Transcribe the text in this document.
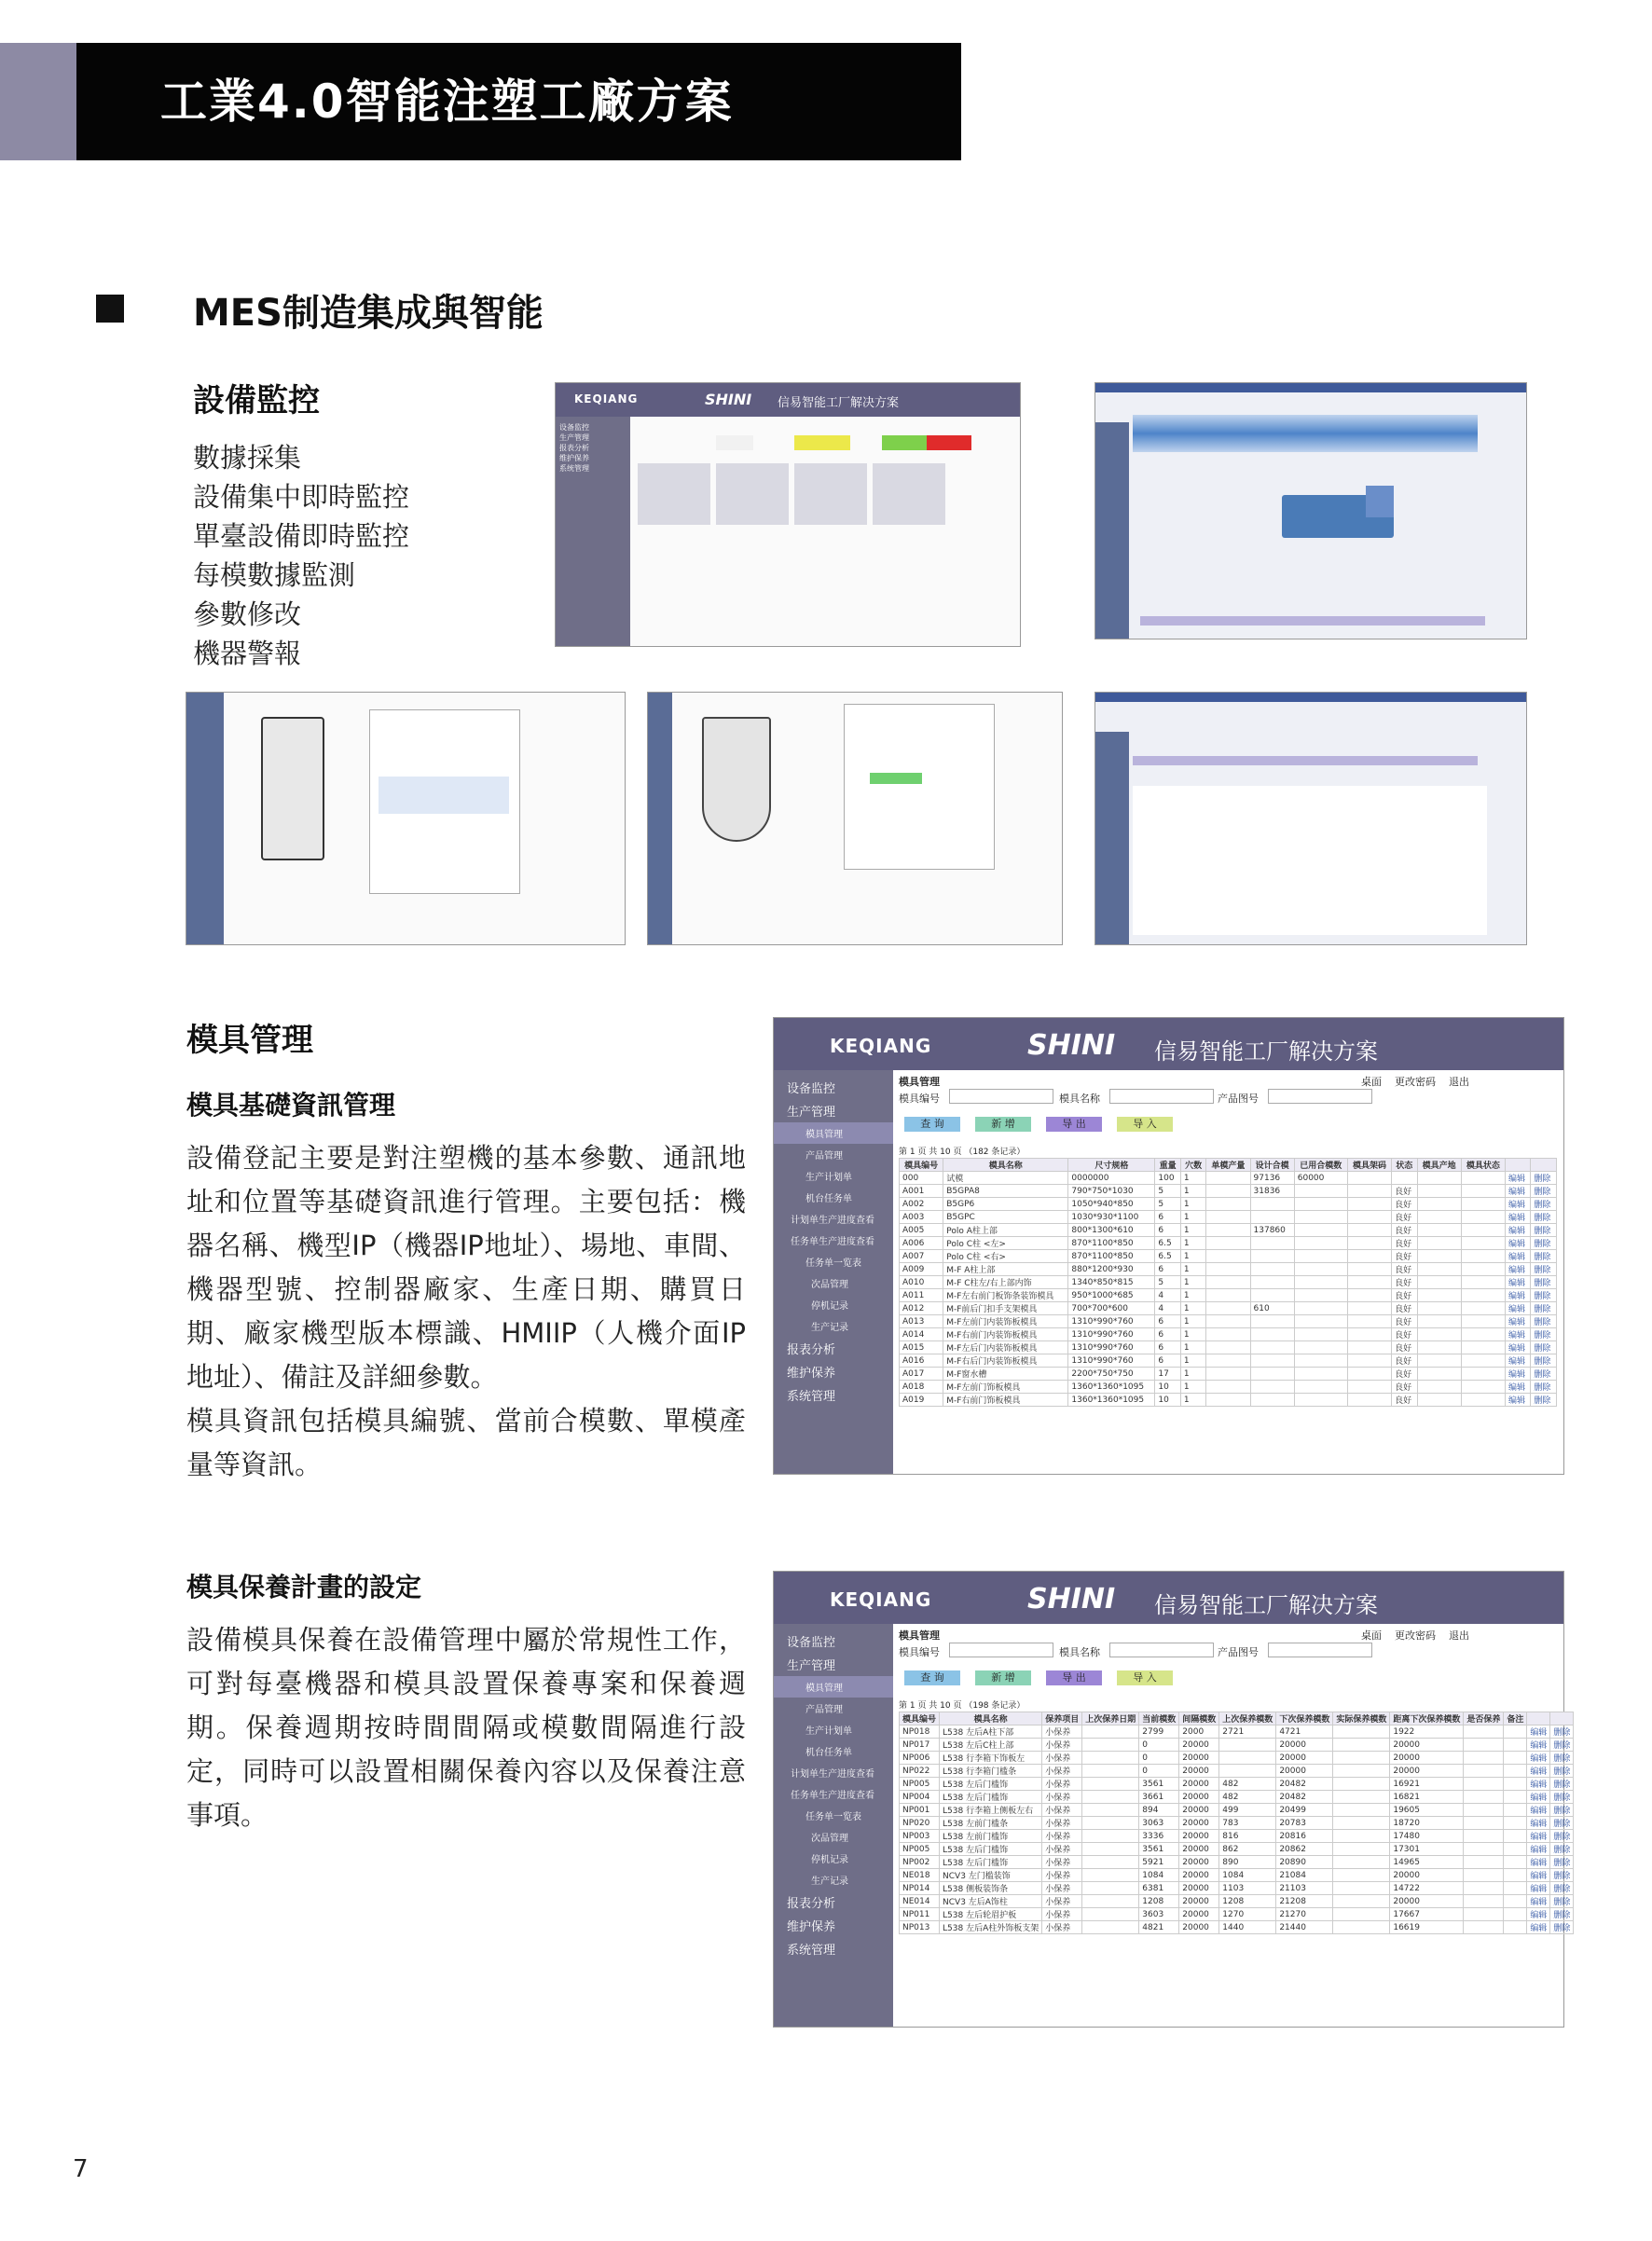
工業4.0智能注塑工廠方案
MES制造集成與智能
設備監控
數據採集
設備集中即時監控
單臺設備即時監控
每模數據監測
參數修改
機器警報
KEQIANG	SHINI 信易智能工厂解决方案
设备监控
生产管理
报表分析
维护保养
系统管理
模具管理
模具基礎資訊管理
設備登記主要是對注塑機的基本參數、通訊地址和位置等基礎資訊進行管理。主要包括：機器名稱、機型IP（機器IP地址）、場地、車間、機器型號、控制器廠家、生產日期、購買日期、廠家機型版本標識、HMIIP（人機介面IP地址）、備註及詳細參數。
模具資訊包括模具編號、當前合模數、單模產量等資訊。
KEQIANG	SHINI 信易智能工厂解决方案
设备监控
生产管理
模具管理
产品管理
生产计划单
机台任务单
计划单生产进度查看
任务单生产进度查看
任务单一览表
次品管理
停机记录
生产记录
报表分析
维护保养
系统管理
模具管理	桌面 更改密码 退出
模具编号	模具名称	产品图号
查 询	新 增	导 出	导 入
第 1 页 共 10 页 （182 条记录）
模具编号	模具名称	尺寸规格	重量	穴数	单模产量	设计合模	已用合模数	模具架码	状态	模具产地	模具状态		
000	试模	0000000	100	1		97136	60000					编辑	删除
A001	B5GPA8	790*750*1030	5	1		31836			良好			编辑	删除
A002	B5GP6	1050*940*850	5	1					良好			编辑	删除
A003	B5GPC	1030*930*1100	6	1					良好			编辑	删除
A005	Polo A柱上部	800*1300*610	6	1		137860			良好			编辑	删除
A006	Polo C柱 <左>	870*1100*850	6.5	1					良好			编辑	删除
A007	Polo C柱 <右>	870*1100*850	6.5	1					良好			编辑	删除
A009	M-F A柱上部	880*1200*930	6	1					良好			编辑	删除
A010	M-F C柱左/右上部内饰	1340*850*815	5	1					良好			编辑	删除
A011	M-F左右前门板饰条装饰模具	950*1000*685	4	1					良好			编辑	删除
A012	M-F前后门扣手支架模具	700*700*600	4	1		610			良好			编辑	删除
A013	M-F左前门内装饰板模具	1310*990*760	6	1					良好			编辑	删除
A014	M-F右前门内装饰板模具	1310*990*760	6	1					良好			编辑	删除
A015	M-F左后门内装饰板模具	1310*990*760	6	1					良好			编辑	删除
A016	M-F右后门内装饰板模具	1310*990*760	6	1					良好			编辑	删除
A017	M-F窗水槽	2200*750*750	17	1					良好			编辑	删除
A018	M-F左前门饰板模具	1360*1360*1095	10	1					良好			编辑	删除
A019	M-F右前门饰板模具	1360*1360*1095	10	1					良好			编辑	删除
模具保養計畫的設定
設備模具保養在設備管理中屬於常規性工作，可對每臺機器和模具設置保養專案和保養週期。保養週期按時間間隔或模數間隔進行設定，同時可以設置相關保養內容以及保養注意事項。
KEQIANG	SHINI 信易智能工厂解决方案
设备监控
生产管理
模具管理
产品管理
生产计划单
机台任务单
计划单生产进度查看
任务单生产进度查看
任务单一览表
次品管理
停机记录
生产记录
报表分析
维护保养
系统管理
模具管理	桌面 更改密码 退出
模具编号	模具名称	产品图号
查 询	新 增	导 出	导 入
第 1 页 共 10 页 （198 条记录）
模具编号	模具名称	保养项目	上次保养日期	当前模数	间隔模数	上次保养模数	下次保养模数	实际保养模数	距离下次保养模数	是否保养	备注		
NP018	L538 左后A柱下部	小保养		2799	2000	2721	4721		1922			编辑	删除
NP017	L538 左后C柱上部	小保养		0	20000		20000		20000			编辑	删除
NP006	L538 行李箱下饰板左	小保养		0	20000		20000		20000			编辑	删除
NP022	L538 行李箱门槛条	小保养		0	20000		20000		20000			编辑	删除
NP005	L538 左后门槛饰	小保养		3561	20000	482	20482		16921			编辑	删除
NP004	L538 左后门槛饰	小保养		3661	20000	482	20482		16821			编辑	删除
NP001	L538 行李箱上侧板左右	小保养		894	20000	499	20499		19605			编辑	删除
NP020	L538 左前门槛条	小保养		3063	20000	783	20783		18720			编辑	删除
NP003	L538 左前门槛饰	小保养		3336	20000	816	20816		17480			编辑	删除
NP005	L538 左后门槛饰	小保养		3561	20000	862	20862		17301			编辑	删除
NP002	L538 左后门槛饰	小保养		5921	20000	890	20890		14965			编辑	删除
NE018	NCV3 左门槛装饰	小保养		1084	20000	1084	21084		20000			编辑	删除
NP014	L538 侧板装饰条	小保养		6381	20000	1103	21103		14722			编辑	删除
NE014	NCV3 左后A饰柱	小保养		1208	20000	1208	21208		20000			编辑	删除
NP011	L538 左后轮眉护板	小保养		3603	20000	1270	21270		17667			编辑	删除
NP013	L538 左后A柱外饰板支架	小保养		4821	20000	1440	21440		16619			编辑	删除
7
